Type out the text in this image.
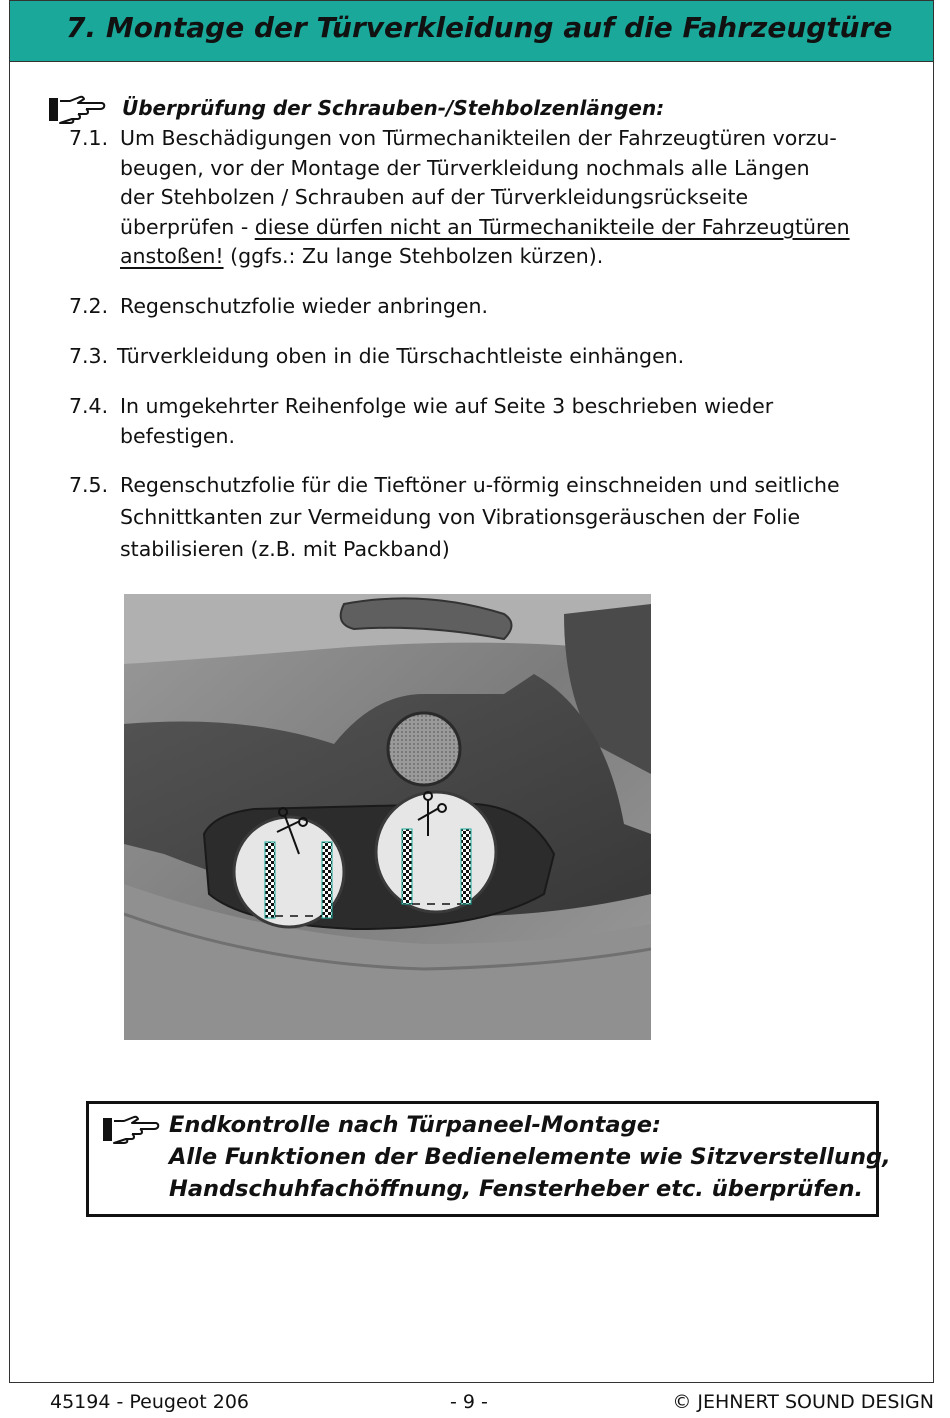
7. Montage der Türverkleidung auf die Fahrzeugtüre
Überprüfung der Schrauben-/Stehbolzenlängen:
7.1. Um Beschädigungen von Türmechanikteilen der Fahrzeugtüren vorzu-
beugen, vor der Montage der Türverkleidung nochmals alle Längen
der Stehbolzen / Schrauben auf der Türverkleidungsrückseite
überprüfen - diese dürfen nicht an Türmechanikteile der Fahrzeugtüren
anstoßen! (ggfs.: Zu lange Stehbolzen kürzen).
7.2. Regenschutzfolie wieder anbringen.
7.3. Türverkleidung oben in die Türschachtleiste einhängen.
7.4. In umgekehrter Reihenfolge wie auf Seite 3 beschrieben wieder
befestigen.
7.5. Regenschutzfolie für die Tieftöner u-förmig einschneiden und seitliche
Schnittkanten zur Vermeidung von Vibrationsgeräuschen der Folie
stabilisieren (z.B. mit Packband)
Endkontrolle nach Türpaneel-Montage:
Alle Funktionen der Bedienelemente wie Sitzverstellung,
Handschuhfachöffnung, Fensterheber etc. überprüfen.
45194 - Peugeot 206	- 9 -	© JEHNERT SOUND DESIGN
